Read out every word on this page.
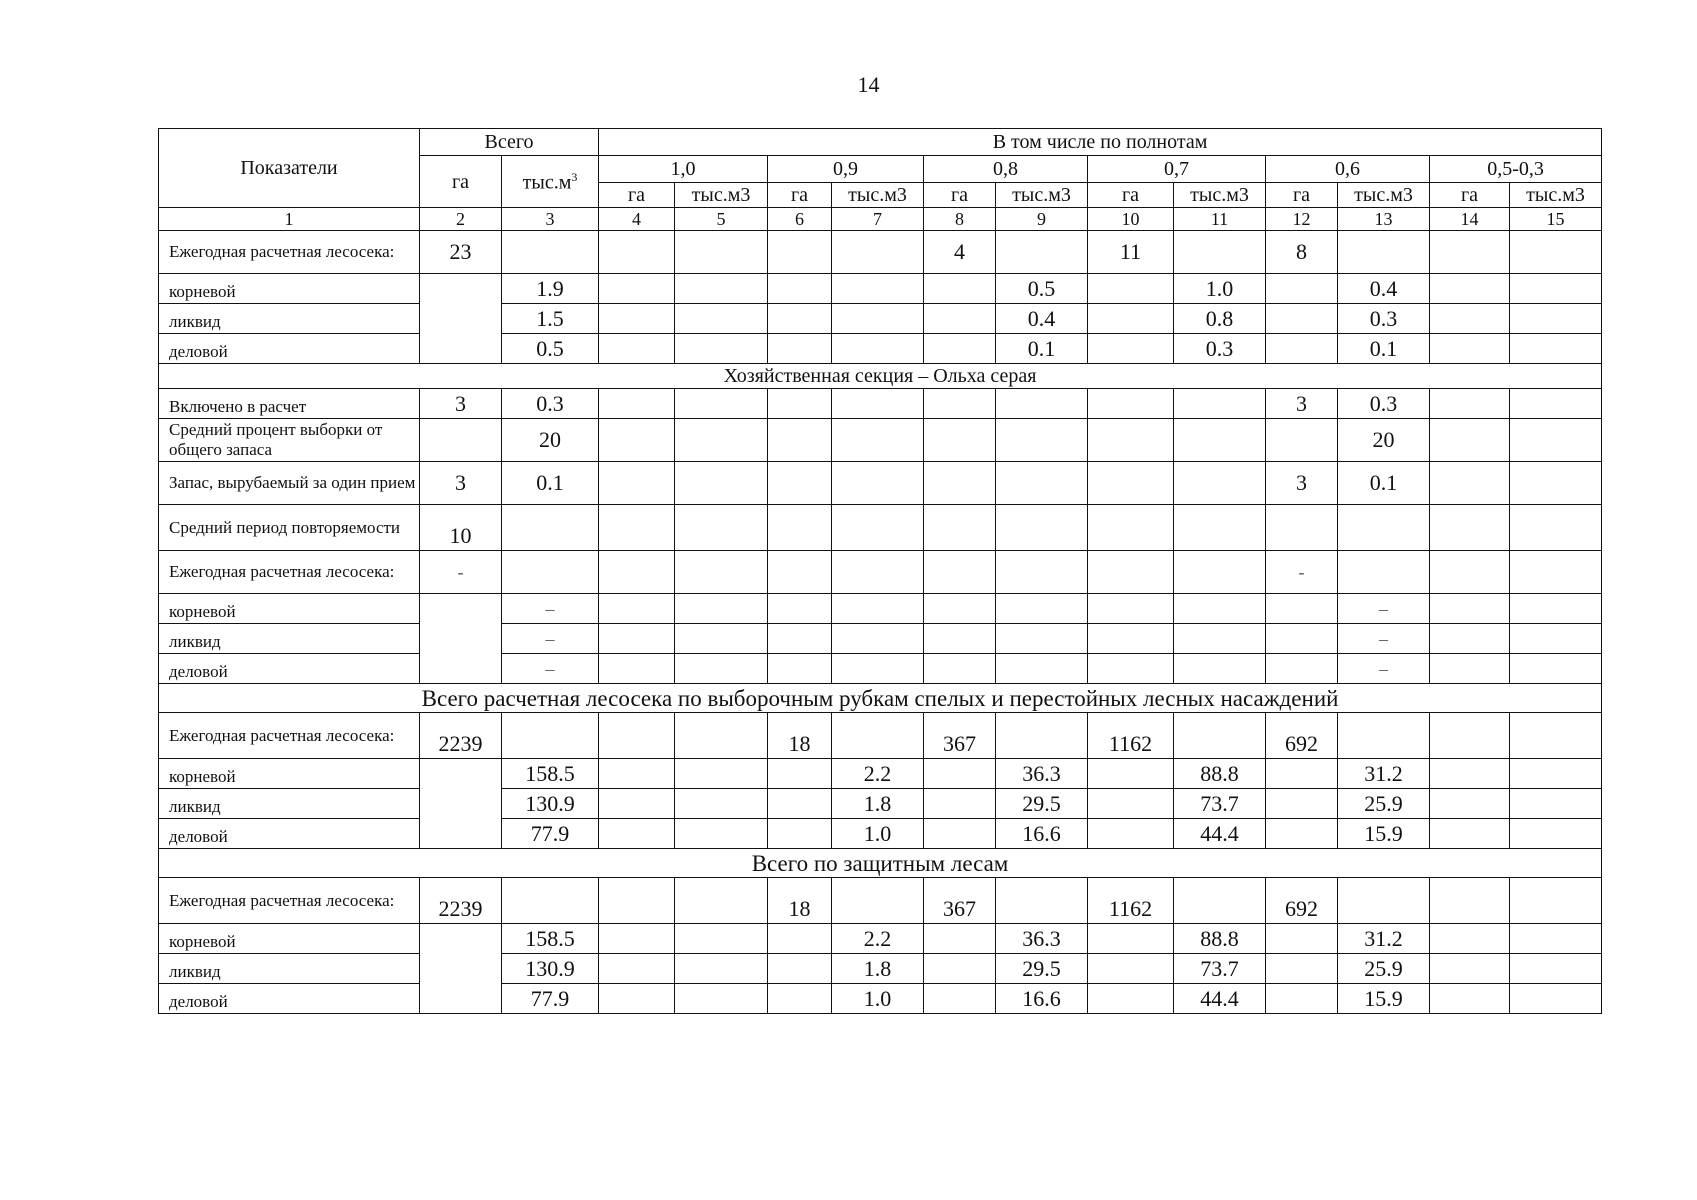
14
Показатели	Всего		В том числе по полнотам											
	га	$тыс.м^3$	1,0		0,9		0,8		0,7		0,6		0,5-0,3	
			га	тыс.м3	га	тыс.м3	га	тыс.м3	га	тыс.м3	га	тыс.м3	га	тыс.м3
1	2	3	4	5	6	7	8	9	10	11	12	13	14	15
Ежегодная расчетная лесосека:	23						4		11		8			
корневой		1.9						0.5		1.0		0.4		
ликвид		1.5						0.4		0.8		0.3		
деловой		0.5						0.1		0.3		0.1		
Хозяйственная секция – Ольха серая														
Включено в расчет	3	0.3									3	0.3		
Средний процент выборки от общего запаса		20										20		
Запас, вырубаемый за один прием	3	0.1									3	0.1		
Средний период повторяемости	10													
Ежегодная расчетная лесосека:	-										-			
корневой		–										–		
ликвид		–										–		
деловой		–										–		
Всего расчетная лесосека по выборочным рубкам спелых и перестойных лесных насаждений														
Ежегодная расчетная лесосека:	2239				18		367		1162		692			
корневой		158.5				2.2		36.3		88.8		31.2		
ликвид		130.9				1.8		29.5		73.7		25.9		
деловой		77.9				1.0		16.6		44.4		15.9		
Всего по защитным лесам														
Ежегодная расчетная лесосека:	2239				18		367		1162		692			
корневой		158.5				2.2		36.3		88.8		31.2		
ликвид		130.9				1.8		29.5		73.7		25.9		
деловой		77.9				1.0		16.6		44.4		15.9		
